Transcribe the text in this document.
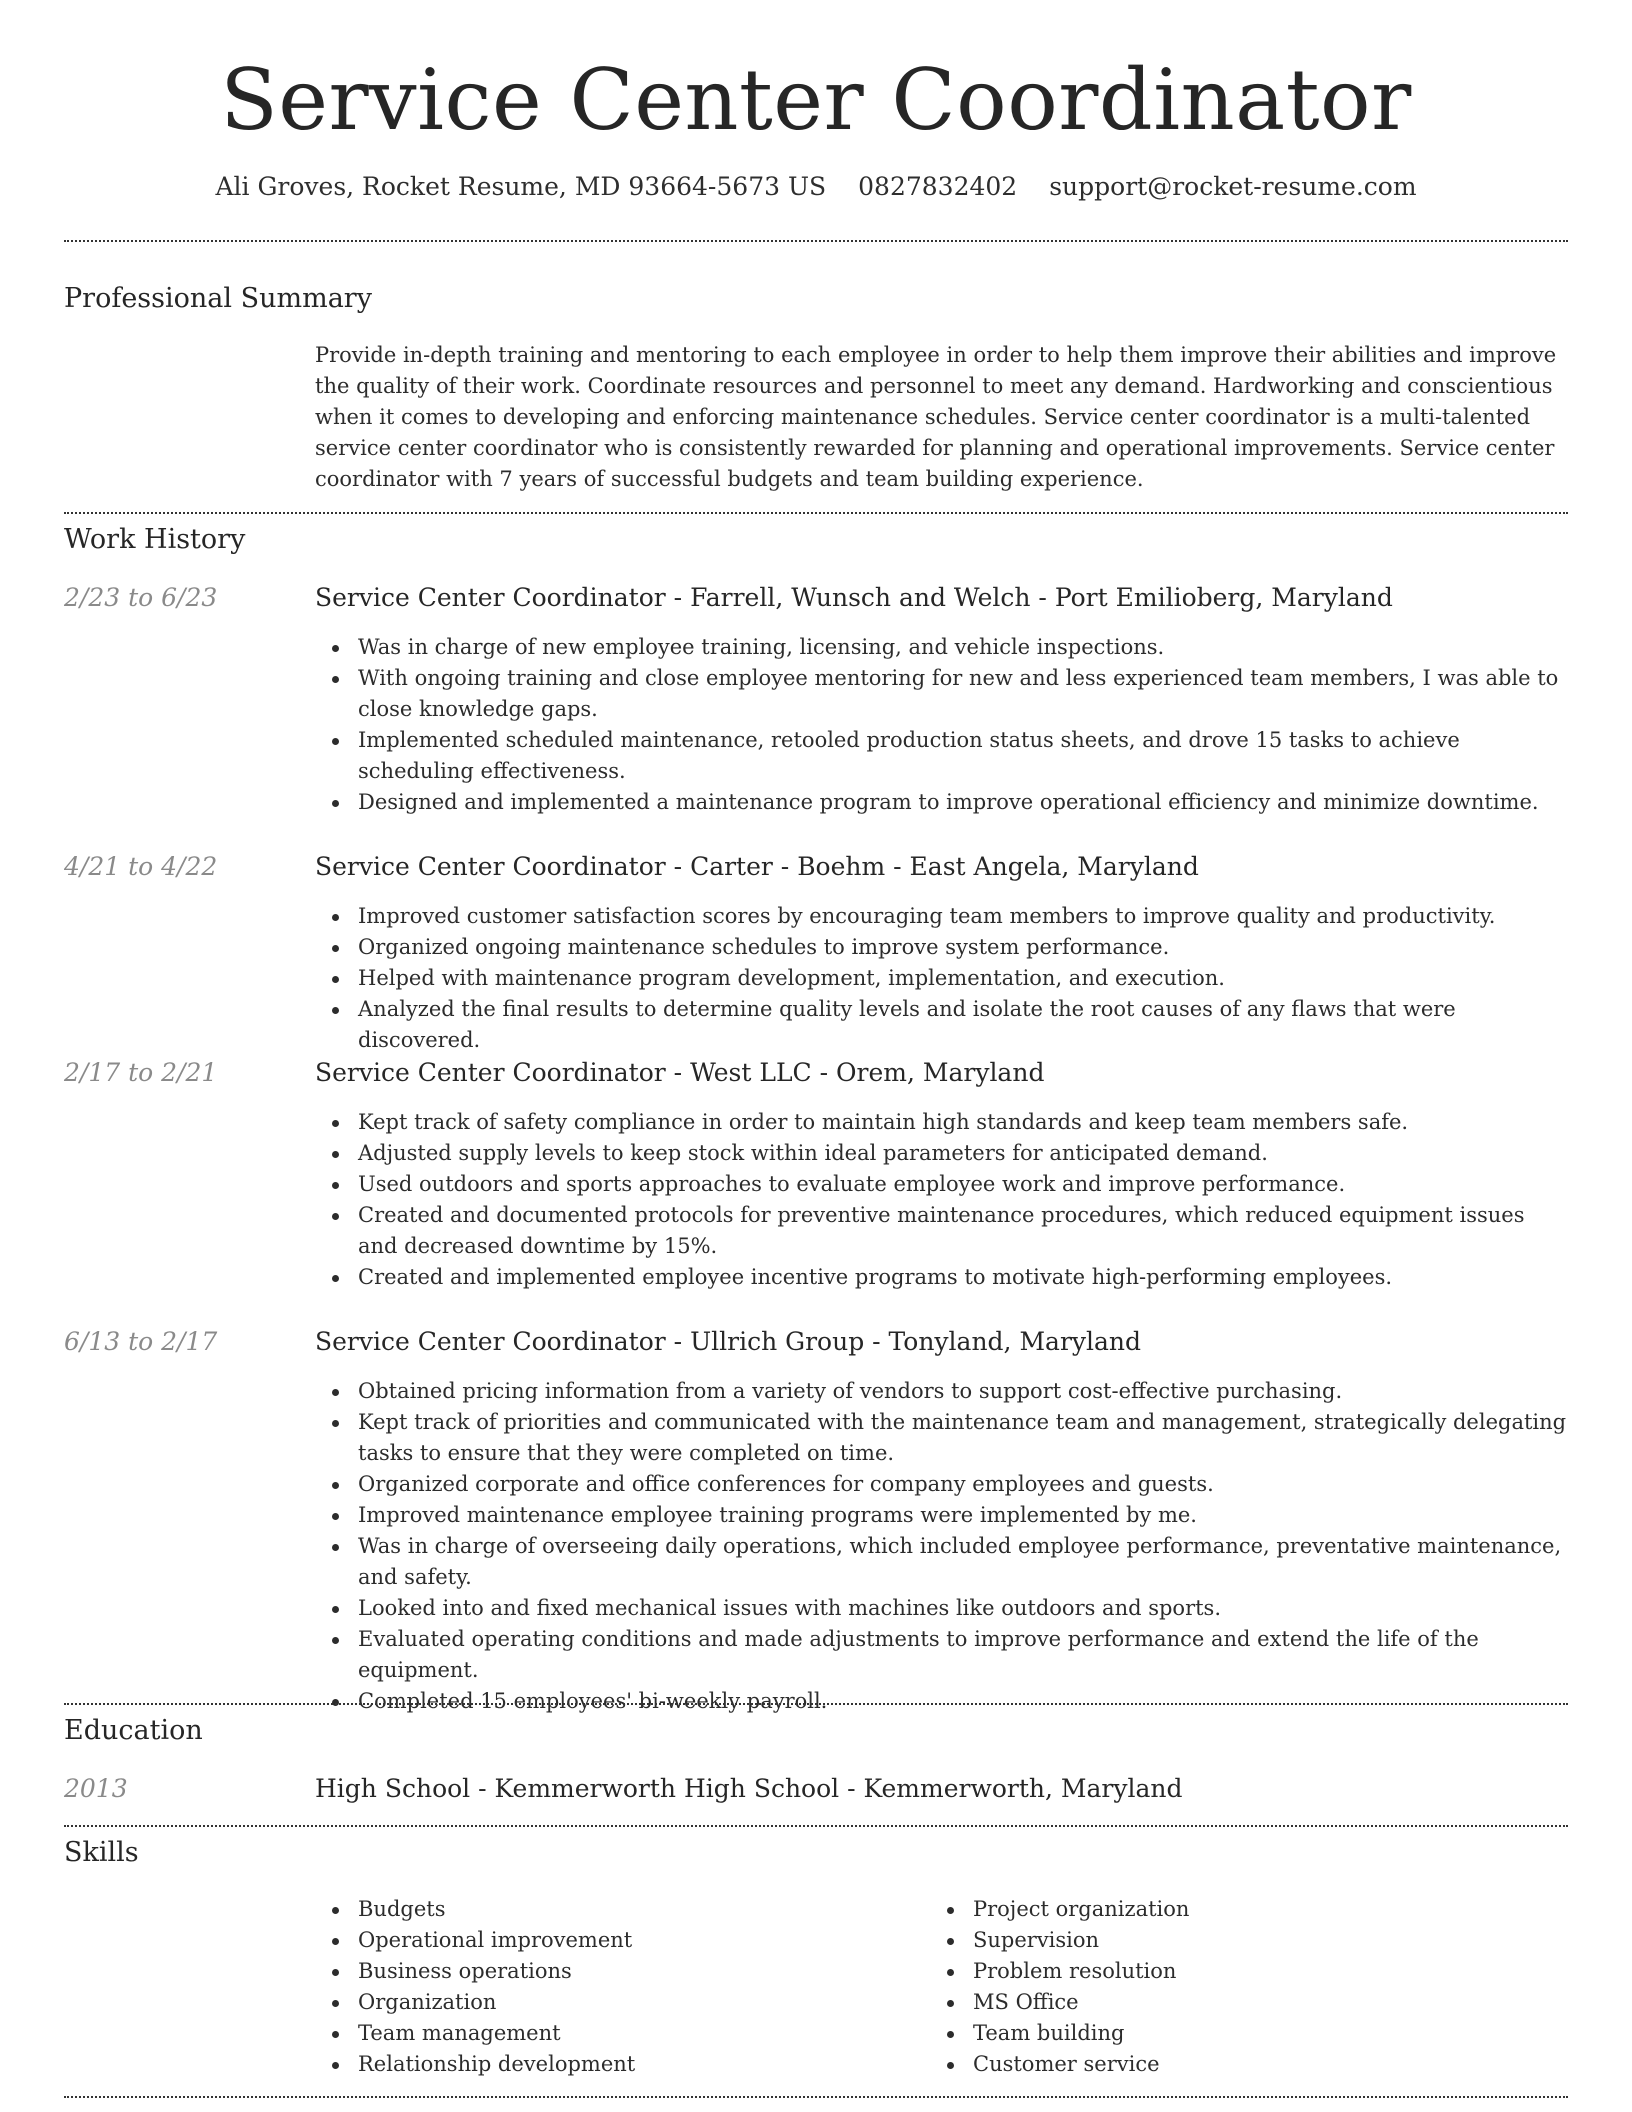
Service Center Coordinator
Ali Groves, Rocket Resume, MD 93664-5673 US 0827832402 support@rocket-resume.com
Professional Summary

Provide in-depth training and mentoring to each employee in order to help them improve their abilities and improve the quality of their work. Coordinate resources and personnel to meet any demand. Hardworking and conscientious when it comes to developing and enforcing maintenance schedules. Service center coordinator is a multi-talented service center coordinator who is consistently rewarded for planning and operational improvements. Service center coordinator with 7 years of successful budgets and team building experience.

Work History
2/23 to 6/23	Service Center Coordinator - Farrell, Wunsch and Welch - Port Emilioberg, Maryland
Was in charge of new employee training, licensing, and vehicle inspections.
With ongoing training and close employee mentoring for new and less experienced team members, I was able to close knowledge gaps.
Implemented scheduled maintenance, retooled production status sheets, and drove 15 tasks to achieve scheduling effectiveness.
Designed and implemented a maintenance program to improve operational efficiency and minimize downtime.
4/21 to 4/22	Service Center Coordinator - Carter - Boehm - East Angela, Maryland
Improved customer satisfaction scores by encouraging team members to improve quality and productivity.
Organized ongoing maintenance schedules to improve system performance.
Helped with maintenance program development, implementation, and execution.
Analyzed the final results to determine quality levels and isolate the root causes of any flaws that were discovered.
2/17 to 2/21	Service Center Coordinator - West LLC - Orem, Maryland
Kept track of safety compliance in order to maintain high standards and keep team members safe.
Adjusted supply levels to keep stock within ideal parameters for anticipated demand.
Used outdoors and sports approaches to evaluate employee work and improve performance.
Created and documented protocols for preventive maintenance procedures, which reduced equipment issues and decreased downtime by 15%.
Created and implemented employee incentive programs to motivate high-performing employees.
6/13 to 2/17	Service Center Coordinator - Ullrich Group - Tonyland, Maryland
Obtained pricing information from a variety of vendors to support cost-effective purchasing.
Kept track of priorities and communicated with the maintenance team and management, strategically delegating tasks to ensure that they were completed on time.
Organized corporate and office conferences for company employees and guests.
Improved maintenance employee training programs were implemented by me.
Was in charge of overseeing daily operations, which included employee performance, preventative maintenance, and safety.
Looked into and fixed mechanical issues with machines like outdoors and sports.
Evaluated operating conditions and made adjustments to improve performance and extend the life of the equipment.
Completed 15 employees' bi-weekly payroll.
Education
2013	High School - Kemmerworth High School - Kemmerworth, Maryland
Skills
Budgets
Operational improvement
Business operations
Organization
Team management
Relationship development
Project organization
Supervision
Problem resolution
MS Office
Team building
Customer service
